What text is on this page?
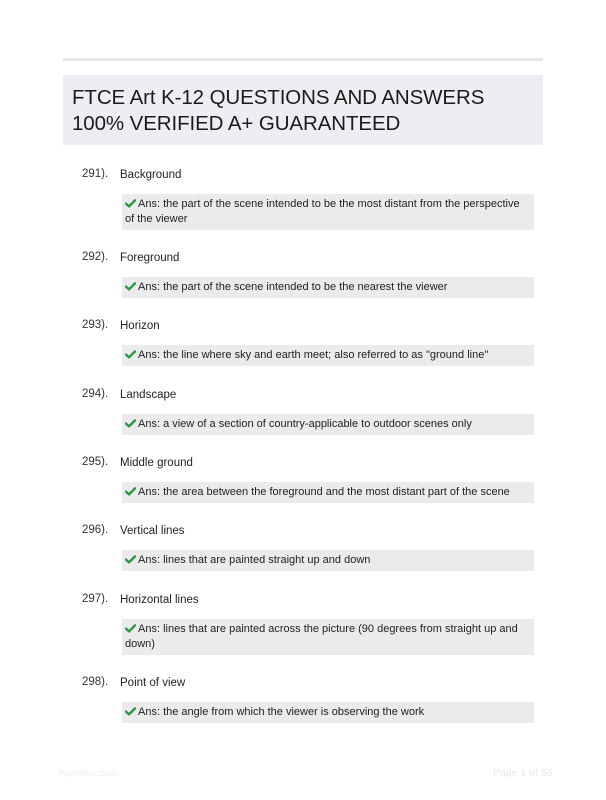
FTCE Art K-12 QUESTIONS AND ANSWERS 100% VERIFIED A+ GUARANTEED
291). Background
Ans: the part of the scene intended to be the most distant from the perspective of the viewer
292). Foreground
Ans: the part of the scene intended to be the nearest the viewer
293). Horizon
Ans: the line where sky and earth meet; also referred to as "ground line"
294). Landscape
Ans: a view of a section of country-applicable to outdoor scenes only
295). Middle ground
Ans: the area between the foreground and the most distant part of the scene
296). Vertical lines
Ans: lines that are painted straight up and down
297). Horizontal lines
Ans: lines that are painted across the picture (90 degrees from straight up and down)
298). Point of view
Ans: the angle from which the viewer is observing the work
Paperlibic.com	Page 1 of 55
